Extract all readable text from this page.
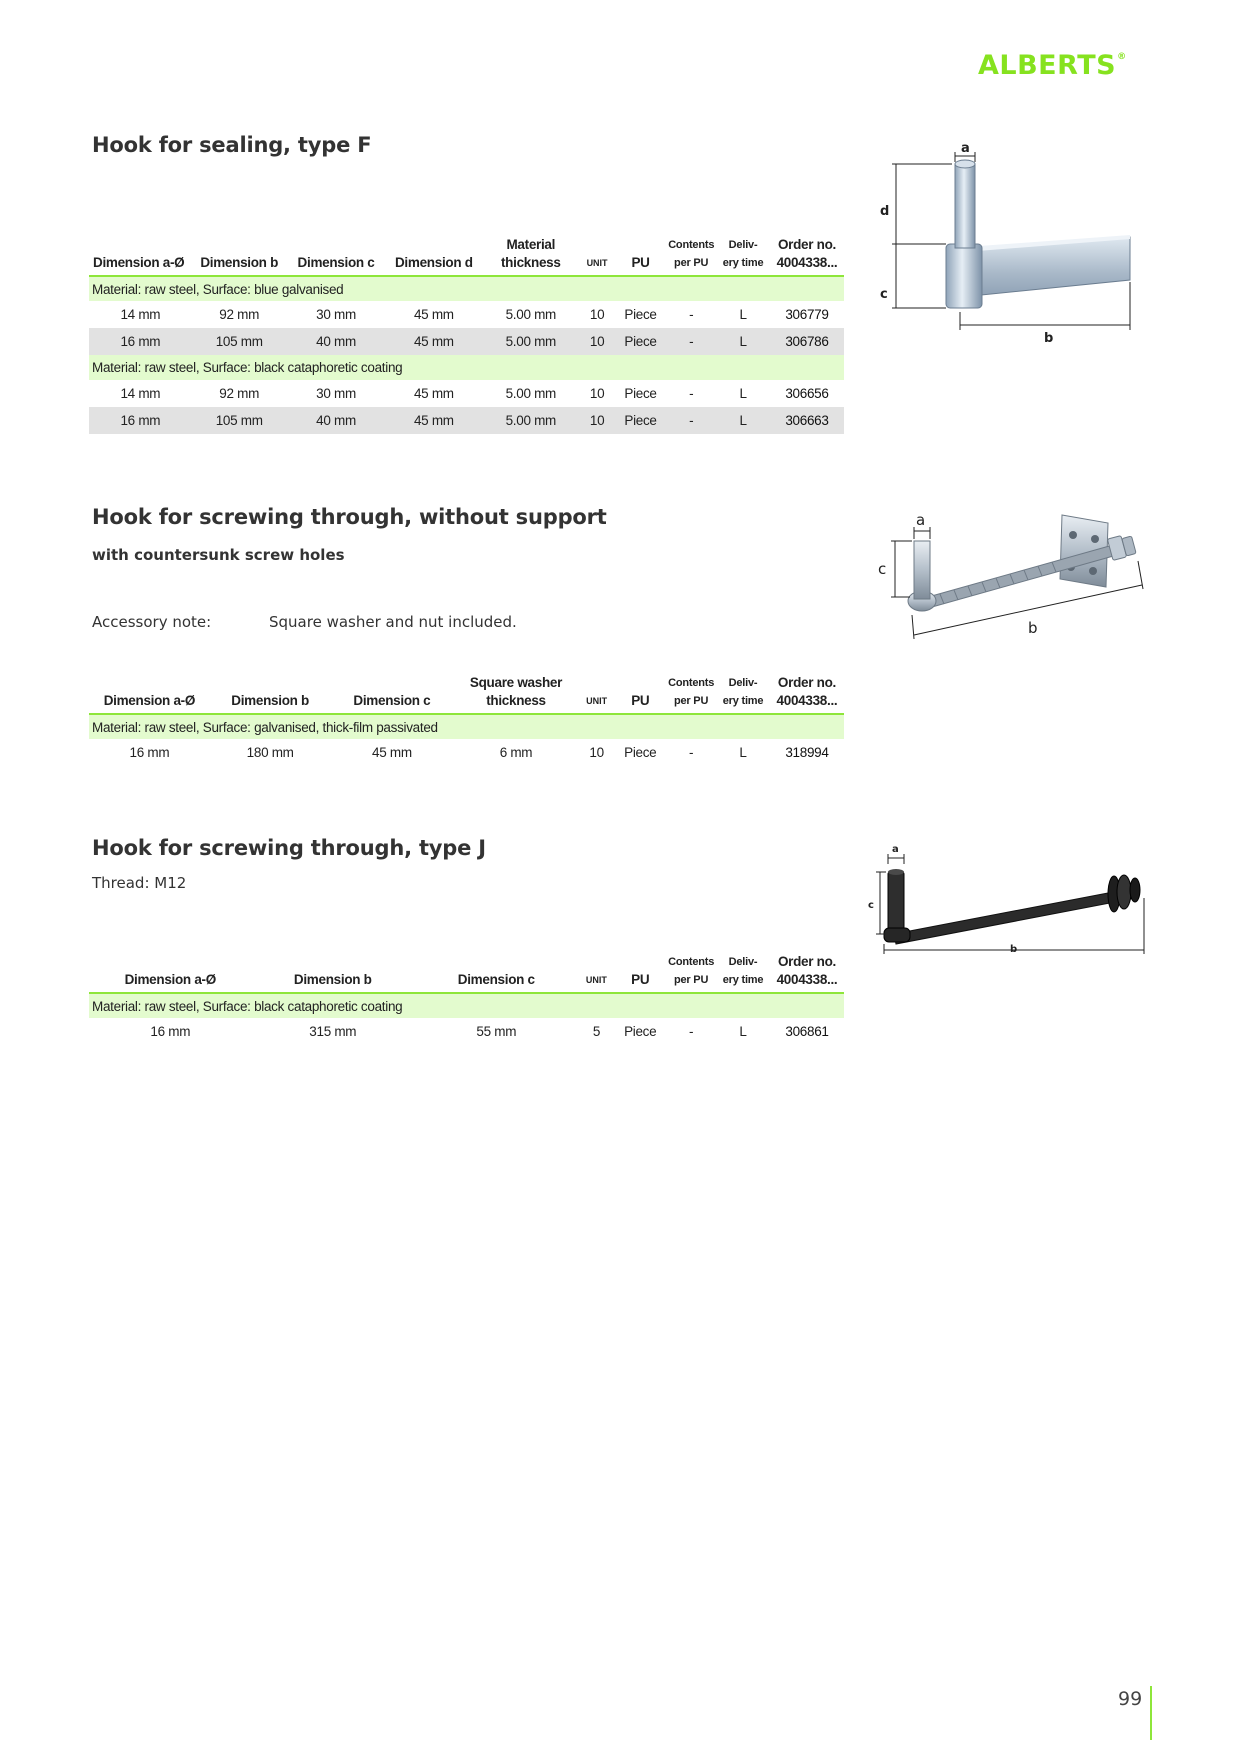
ALBERTS®
Hook for sealing, type F
Dimension a-Ø	Dimension b	Dimension c	Dimension d	Material thickness	UNIT	PU	Contents per PU	Deliv-ery time	Order no. 4004338...
Material: raw steel, Surface: blue galvanised									
14 mm	92 mm	30 mm	45 mm	5.00 mm	10	Piece	-	L	306779
16 mm	105 mm	40 mm	45 mm	5.00 mm	10	Piece	-	L	306786
Material: raw steel, Surface: black cataphoretic coating									
14 mm	92 mm	30 mm	45 mm	5.00 mm	10	Piece	-	L	306656
16 mm	105 mm	40 mm	45 mm	5.00 mm	10	Piece	-	L	306663
a
d
c
b
Hook for screwing through, without support
with countersunk screw holes
Accessory note:	Square washer and nut included.
Dimension a-Ø	Dimension b	Dimension c	Square washer thickness	UNIT	PU	Contents per PU	Deliv-ery time	Order no. 4004338...
Material: raw steel, Surface: galvanised, thick-film passivated								
16 mm	180 mm	45 mm	6 mm	10	Piece	-	L	318994
a
c
b
Hook for screwing through, type J
Thread: M12
Dimension a-Ø	Dimension b	Dimension c	UNIT	PU	Contents per PU	Deliv-ery time	Order no. 4004338...
Material: raw steel, Surface: black cataphoretic coating							
16 mm	315 mm	55 mm	5	Piece	-	L	306861
a
c
b
99
